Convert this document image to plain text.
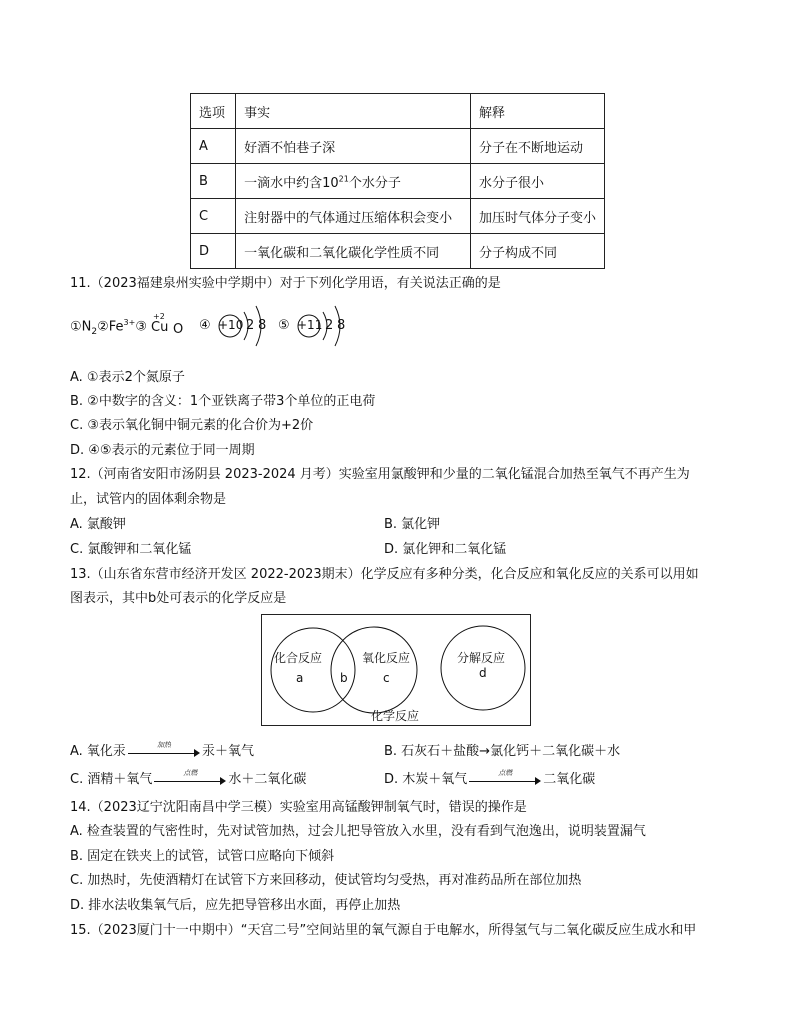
选项	事实	解释
A	好酒不怕巷子深	分子在不断地运动
B	一滴水中约含$10^{21}$个水分子	水分子很小
C	注射器中的气体通过压缩体积会变小	加压时气体分子变小
D	一氧化碳和二氧化碳化学性质不同	分子构成不同
11.（2023福建泉州实验中学期中）对于下列化学用语，有关说法正确的是
$①N_2②Fe^{3+}③$
+2
Cu O ④ +10 2 8 ⑤ +11 2 8
A. ①表示2个氮原子
B. ②中数字的含义：1个亚铁离子带3个单位的正电荷
C. ③表示氧化铜中铜元素的化合价为+2价
D. ④⑤表示的元素位于同一周期
12.（河南省安阳市汤阴县 2023-2024 月考）实验室用氯酸钾和少量的二氧化锰混合加热至氧气不再产生为
止，试管内的固体剩余物是
A. 氯酸钾	B. 氯化钾
C. 氯酸钾和二氧化锰	D. 氯化钾和二氧化锰
13.（山东省东营市经济开发区 2022-2023期末）化学反应有多种分类，化合反应和氧化反应的关系可以用如
图表示，其中b处可表示的化学反应是
化合反应
a	b
氧化反应
c
分解反应
d
化学反应
A. 氧化汞	加热	汞＋氧气	B. 石灰石＋盐酸→氯化钙＋二氧化碳＋水
C. 酒精＋氧气	点燃	水＋二氧化碳	D. 木炭＋氧气	点燃	二氧化碳
14.（2023辽宁沈阳南昌中学三模）实验室用高锰酸钾制氧气时，错误的操作是
A. 检查装置的气密性时，先对试管加热，过会儿把导管放入水里，没有看到气泡逸出，说明装置漏气
B. 固定在铁夹上的试管，试管口应略向下倾斜
C. 加热时，先使酒精灯在试管下方来回移动，使试管均匀受热，再对准药品所在部位加热
D. 排水法收集氧气后，应先把导管移出水面，再停止加热
15.（2023厦门十一中期中）“天宫二号”空间站里的氧气源自于电解水，所得氢气与二氧化碳反应生成水和甲
